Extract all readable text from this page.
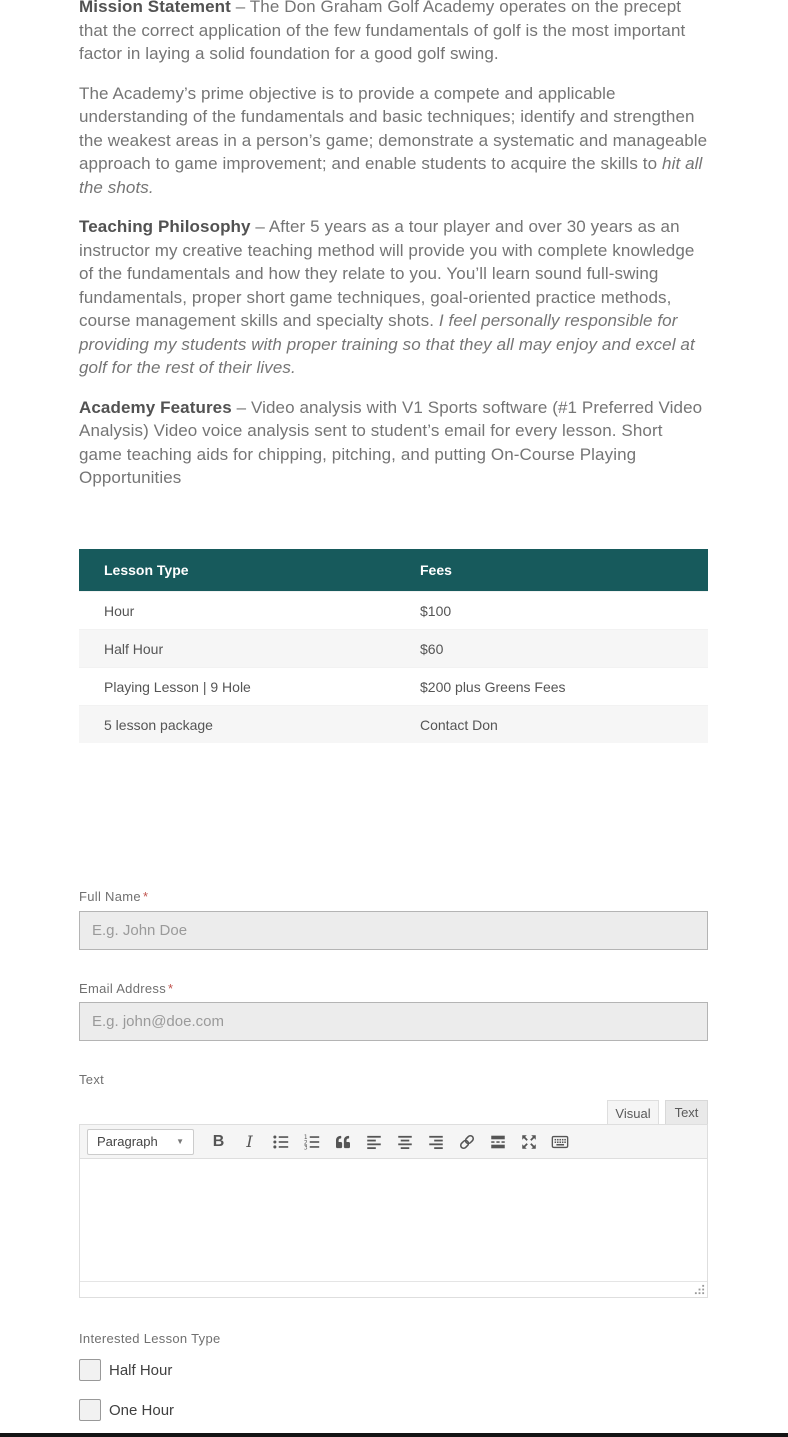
Mission Statement – The Don Graham Golf Academy operates on the precept that the correct application of the few fundamentals of golf is the most important factor in laying a solid foundation for a good golf swing.

The Academy’s prime objective is to provide a compete and applicable understanding of the fundamentals and basic techniques; identify and strengthen the weakest areas in a person’s game; demonstrate a systematic and manageable approach to game improvement; and enable students to acquire the skills to hit all the shots.

Teaching Philosophy – After 5 years as a tour player and over 30 years as an instructor my creative teaching method will provide you with complete knowledge of the fundamentals and how they relate to you. You’ll learn sound full-swing fundamentals, proper short game techniques, goal-oriented practice methods, course management skills and specialty shots. I feel personally responsible for providing my students with proper training so that they all may enjoy and excel at golf for the rest of their lives.

Academy Features – Video analysis with V1 Sports software (#1 Preferred Video Analysis) Video voice analysis sent to student’s email for every lesson. Short game teaching aids for chipping, pitching, and putting On-Course Playing Opportunities

Lesson Type	Fees
Hour	$100
Half Hour	$60
Playing Lesson | 9 Hole	$200 plus Greens Fees
5 lesson package	Contact Don
Full Name *
E.g. John Doe
Email Address *
E.g. john@doe.com
Text
Visual	Text
Paragraph ▼ B I	1
2
3
Interested Lesson Type
Half Hour
One Hour
